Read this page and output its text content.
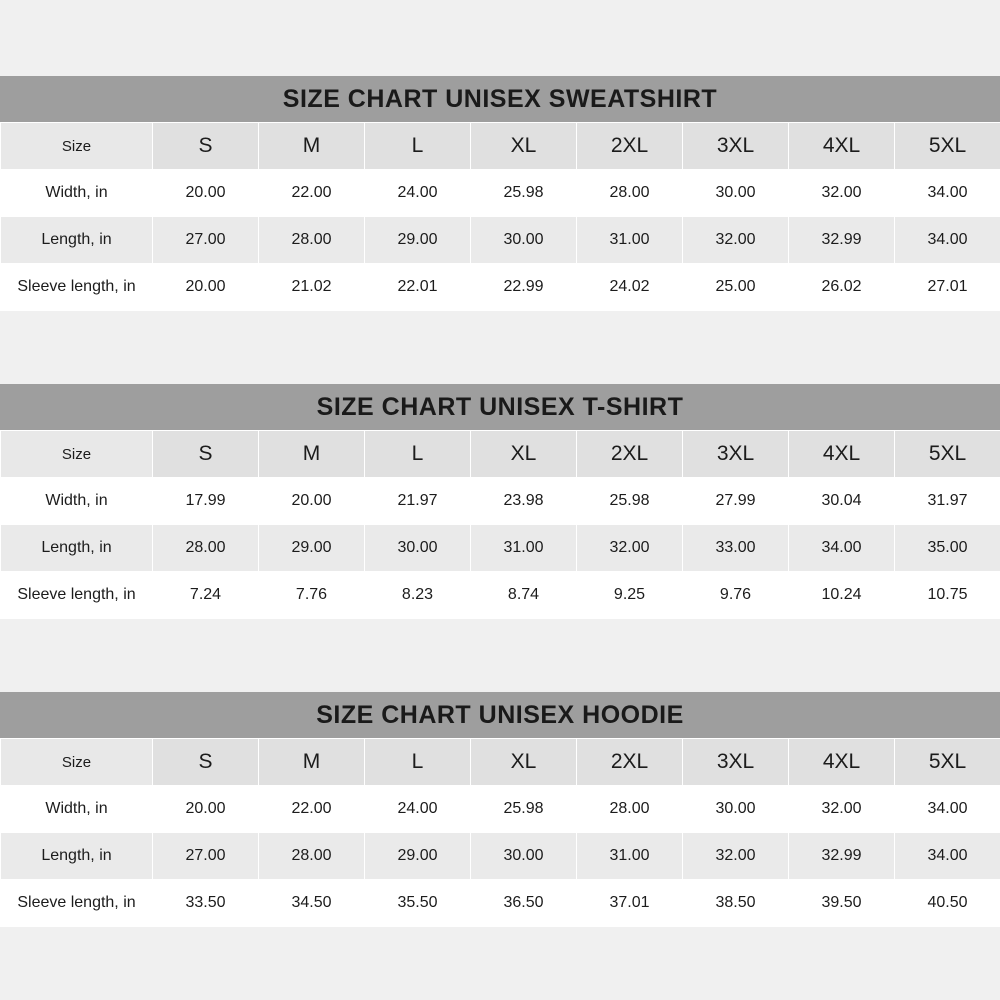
SIZE CHART UNISEX SWEATSHIRT
Size	S	M	L	XL	2XL	3XL	4XL	5XL
Width, in	20.00	22.00	24.00	25.98	28.00	30.00	32.00	34.00
Length, in	27.00	28.00	29.00	30.00	31.00	32.00	32.99	34.00
Sleeve length, in	20.00	21.02	22.01	22.99	24.02	25.00	26.02	27.01
SIZE CHART UNISEX T-SHIRT
Size	S	M	L	XL	2XL	3XL	4XL	5XL
Width, in	17.99	20.00	21.97	23.98	25.98	27.99	30.04	31.97
Length, in	28.00	29.00	30.00	31.00	32.00	33.00	34.00	35.00
Sleeve length, in	7.24	7.76	8.23	8.74	9.25	9.76	10.24	10.75
SIZE CHART UNISEX HOODIE
Size	S	M	L	XL	2XL	3XL	4XL	5XL
Width, in	20.00	22.00	24.00	25.98	28.00	30.00	32.00	34.00
Length, in	27.00	28.00	29.00	30.00	31.00	32.00	32.99	34.00
Sleeve length, in	33.50	34.50	35.50	36.50	37.01	38.50	39.50	40.50
